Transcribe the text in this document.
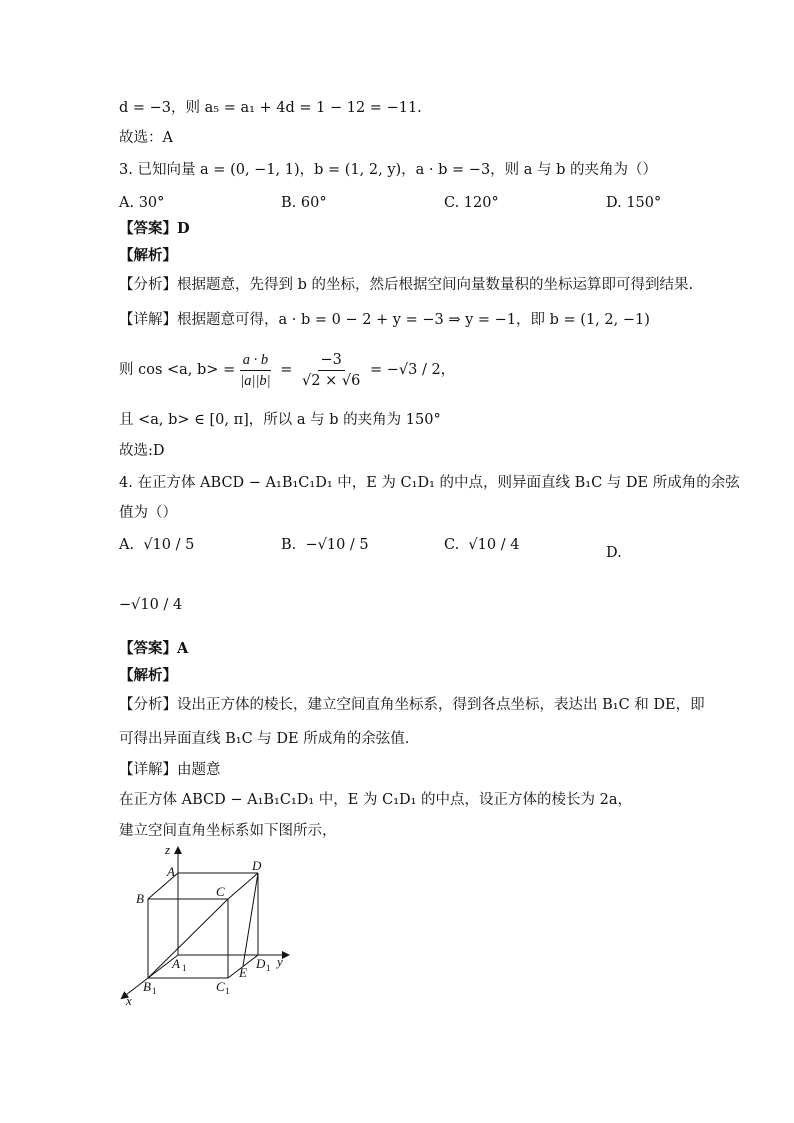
d = −3，则 a₅ = a₁ + 4d = 1 − 12 = −11.
故选：A
3. 已知向量 a = (0, −1, 1)，b = (1, 2, y)，a · b = −3，则 a 与 b 的夹角为（）
A. 30°	B. 60°	C. 120°	D. 150°
【答案】D
【解析】
【分析】根据题意，先得到 b 的坐标，然后根据空间向量数量积的坐标运算即可得到结果.
【详解】根据题意可得，a · b = 0 − 2 + y = −3 ⇒ y = −1，即 b = (1, 2, −1)
则 cos <a, $b> = \frac{a \cdot b}{|a||b|} = \frac{-3}{√2 \times √6}$
= −√3 / 2，
且 <a, b> ∈ [0, π]，所以 a 与 b 的夹角为 150°
故选:D
4. 在正方体 ABCD − A₁B₁C₁D₁ 中，E 为 C₁D₁ 的中点，则异面直线 B₁C 与 DE 所成角的余弦
值为（）
A.
√10 / 5	B.
−√10 / 5	C.
√10 / 4	D.
−√10 / 4
【答案】A
【解析】
【分析】设出正方体的棱长，建立空间直角坐标系，得到各点坐标，表达出 B₁C 和 DE，即
可得出异面直线 B₁C 与 DE 所成角的余弦值.
【详解】由题意
在正方体 ABCD − A₁B₁C₁D₁ 中，E 为 C₁D₁ 的中点，设正方体的棱长为 2a，
建立空间直角坐标系如下图所示，
z
A	D
B	C
A 1	D 1 y
E
B 1	C 1
x
